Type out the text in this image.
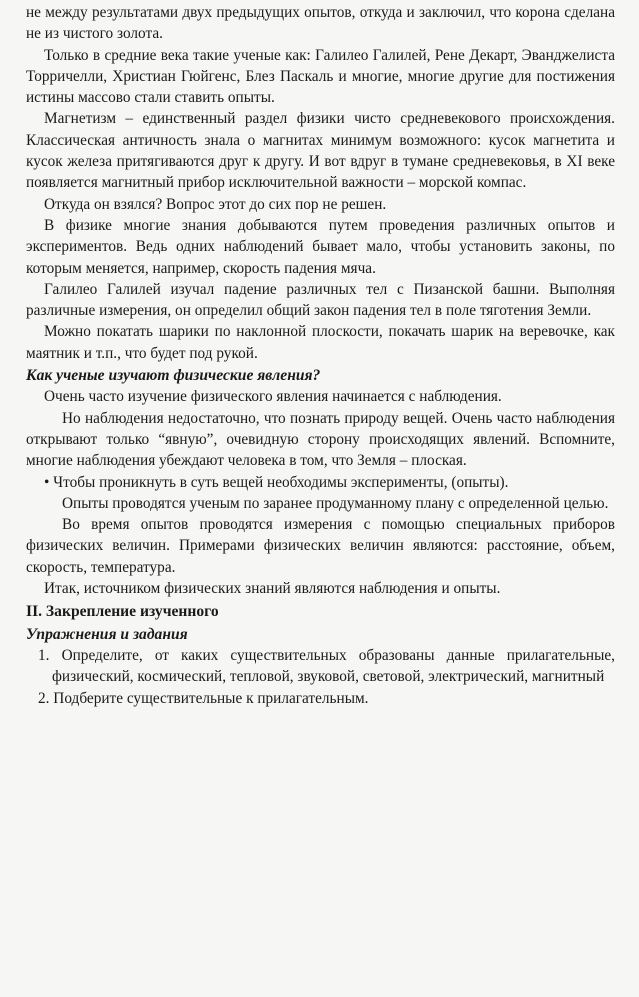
не между результатами двух предыдущих опытов, откуда и заключил, что корона сделана не из чистого золота.

Только в средние века такие ученые как: Галилео Галилей, Рене Декарт, Эванджелиста Торричелли, Христиан Гюйгенс, Блез Паскаль и многие, многие другие для постижения истины массово стали ставить опыты.

Магнетизм – единственный раздел физики чисто средневекового происхождения. Классическая античность знала о магнитах минимум возможного: кусок магнетита и кусок железа притягиваются друг к другу. И вот вдруг в тумане средневековья, в XI веке появляется магнитный прибор исключительной важности – морской компас.

Откуда он взялся? Вопрос этот до сих пор не решен.

В физике многие знания добываются путем проведения различных опытов и экспериментов. Ведь одних наблюдений бывает мало, чтобы установить законы, по которым меняется, например, скорость падения мяча.

Галилео Галилей изучал падение различных тел с Пизанской башни. Выполняя различные измерения, он определил общий закон падения тел в поле тяготения Земли.

Можно покатать шарики по наклонной плоскости, покачать шарик на веревочке, как маятник и т.п., что будет под рукой.

Как ученые изучают физические явления?

Очень часто изучение физического явления начинается с наблюдения.

Но наблюдения недостаточно, что познать природу вещей. Очень часто наблюдения открывают только “явную”, очевидную сторону происходящих явлений. Вспомните, многие наблюдения убеждают человека в том, что Земля – плоская.

• Чтобы проникнуть в суть вещей необходимы эксперименты, (опыты).

Опыты проводятся ученым по заранее продуманному плану с определенной целью.

Во время опытов проводятся измерения с помощью специальных приборов физических величин. Примерами физических величин являются: расстояние, объем, скорость, температура.

Итак, источником физических знаний являются наблюдения и опыты.

II. Закрепление изученного

Упражнения и задания

1. Определите, от каких существительных образованы данные прилагательные, физический, космический, тепловой, звуковой, световой, электрический, магнитный

2. Подберите существительные к прилагательным.
